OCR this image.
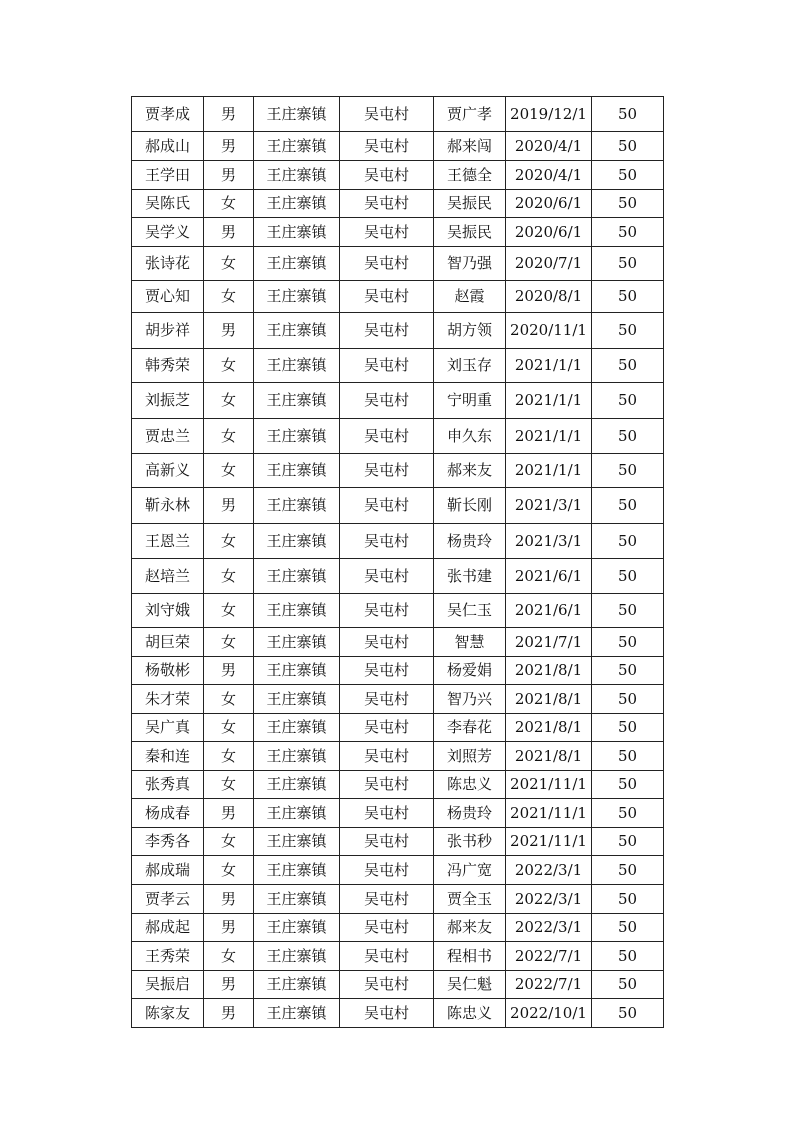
贾孝成	男	王庄寨镇	吴屯村	贾广孝	2019/12/1	50
郝成山	男	王庄寨镇	吴屯村	郝来闯	2020/4/1	50
王学田	男	王庄寨镇	吴屯村	王德全	2020/4/1	50
吴陈氏	女	王庄寨镇	吴屯村	吴振民	2020/6/1	50
吴学义	男	王庄寨镇	吴屯村	吴振民	2020/6/1	50
张诗花	女	王庄寨镇	吴屯村	智乃强	2020/7/1	50
贾心知	女	王庄寨镇	吴屯村	赵霞	2020/8/1	50
胡步祥	男	王庄寨镇	吴屯村	胡方领	2020/11/1	50
韩秀荣	女	王庄寨镇	吴屯村	刘玉存	2021/1/1	50
刘振芝	女	王庄寨镇	吴屯村	宁明重	2021/1/1	50
贾忠兰	女	王庄寨镇	吴屯村	申久东	2021/1/1	50
高新义	女	王庄寨镇	吴屯村	郝来友	2021/1/1	50
靳永林	男	王庄寨镇	吴屯村	靳长刚	2021/3/1	50
王恩兰	女	王庄寨镇	吴屯村	杨贵玲	2021/3/1	50
赵培兰	女	王庄寨镇	吴屯村	张书建	2021/6/1	50
刘守娥	女	王庄寨镇	吴屯村	吴仁玉	2021/6/1	50
胡巨荣	女	王庄寨镇	吴屯村	智慧	2021/7/1	50
杨敬彬	男	王庄寨镇	吴屯村	杨爱娟	2021/8/1	50
朱才荣	女	王庄寨镇	吴屯村	智乃兴	2021/8/1	50
吴广真	女	王庄寨镇	吴屯村	李春花	2021/8/1	50
秦和连	女	王庄寨镇	吴屯村	刘照芳	2021/8/1	50
张秀真	女	王庄寨镇	吴屯村	陈忠义	2021/11/1	50
杨成春	男	王庄寨镇	吴屯村	杨贵玲	2021/11/1	50
李秀各	女	王庄寨镇	吴屯村	张书秒	2021/11/1	50
郝成瑞	女	王庄寨镇	吴屯村	冯广宽	2022/3/1	50
贾孝云	男	王庄寨镇	吴屯村	贾全玉	2022/3/1	50
郝成起	男	王庄寨镇	吴屯村	郝来友	2022/3/1	50
王秀荣	女	王庄寨镇	吴屯村	程相书	2022/7/1	50
吴振启	男	王庄寨镇	吴屯村	吴仁魁	2022/7/1	50
陈家友	男	王庄寨镇	吴屯村	陈忠义	2022/10/1	50
